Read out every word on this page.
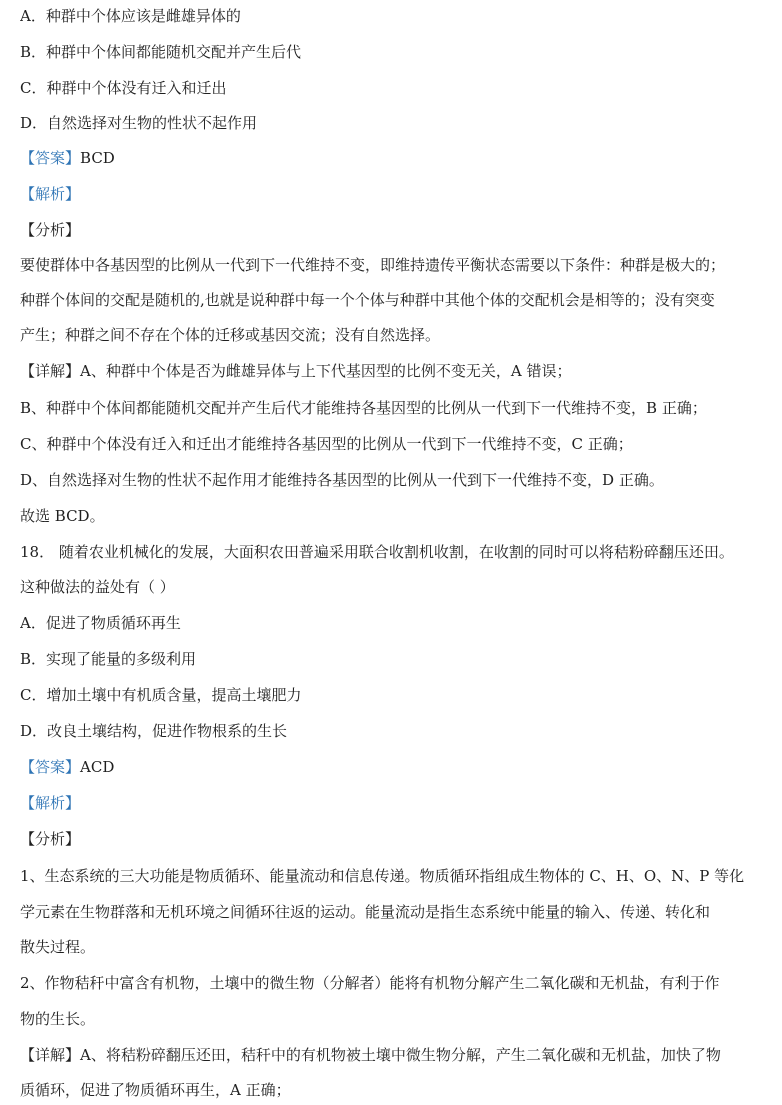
A．种群中个体应该是雌雄异体的
B．种群中个体间都能随机交配并产生后代
C．种群中个体没有迁入和迁出
D．自然选择对生物的性状不起作用
【答案】BCD
【解析】
【分析】
要使群体中各基因型的比例从一代到下一代维持不变，即维持遗传平衡状态需要以下条件：种群是极大的；
种群个体间的交配是随机的,也就是说种群中每一个个体与种群中其他个体的交配机会是相等的；没有突变
产生；种群之间不存在个体的迁移或基因交流；没有自然选择。
【详解】A、种群中个体是否为雌雄异体与上下代基因型的比例不变无关，A 错误；
B、种群中个体间都能随机交配并产生后代才能维持各基因型的比例从一代到下一代维持不变，B 正确；
C、种群中个体没有迁入和迁出才能维持各基因型的比例从一代到下一代维持不变，C 正确；
D、自然选择对生物的性状不起作用才能维持各基因型的比例从一代到下一代维持不变，D 正确。
故选 BCD。
18． 随着农业机械化的发展，大面积农田普遍采用联合收割机收割，在收割的同时可以将秸粉碎翻压还田。
这种做法的益处有（ ）
A．促进了物质循环再生
B．实现了能量的多级利用
C．增加土壤中有机质含量，提高土壤肥力
D．改良土壤结构，促进作物根系的生长
【答案】ACD
【解析】
【分析】
1、生态系统的三大功能是物质循环、能量流动和信息传递。物质循环指组成生物体的 C、H、O、N、P 等化
学元素在生物群落和无机环境之间循环往返的运动。能量流动是指生态系统中能量的输入、传递、转化和
散失过程。
2、作物秸秆中富含有机物，土壤中的微生物（分解者）能将有机物分解产生二氧化碳和无机盐，有利于作
物的生长。
【详解】A、将秸粉碎翻压还田，秸秆中的有机物被土壤中微生物分解，产生二氧化碳和无机盐，加快了物
质循环，促进了物质循环再生，A 正确；
